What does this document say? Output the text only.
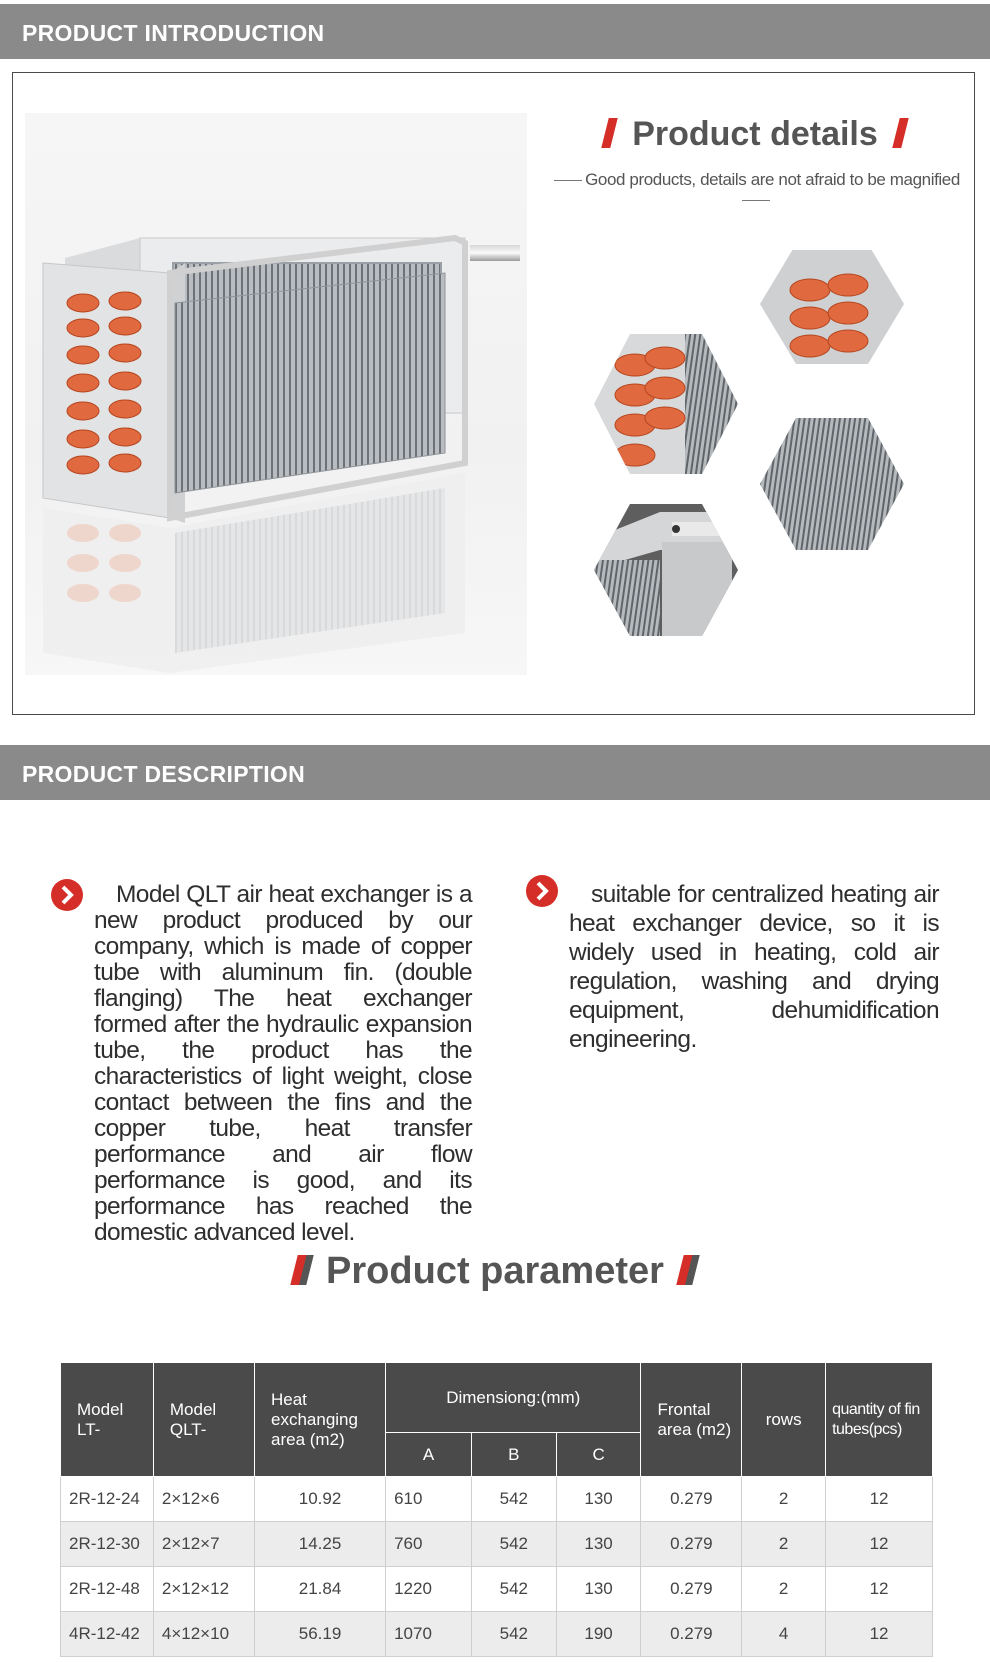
PRODUCT INTRODUCTION
Product details
Good products, details are not afraid to be magnified
PRODUCT DESCRIPTION
Model QLT air heat exchanger is a new product produced by our company, which is made of copper tube with aluminum fin. (double flanging) The heat exchanger formed after the hydraulic expansion tube, the product has the characteristics of light weight, close contact between the fins and the copper tube, heat transfer performance and air flow performance is good, and its performance has reached the domestic advanced level.
suitable for centralized heating air heat exchanger device, so it is widely used in heating, cold air regulation, washing and drying equipment, dehumidification engineering.
Product parameter
Model LT-	Model QLT-	Heat exchanging area (m2)	Dimensiong:(mm)			Frontal area (m2)	rows	quantity of fin tubes(pcs)
			A	B	C			
2R-12-24	2×12×6	10.92	610	542	130	0.279	2	12
2R-12-30	2×12×7	14.25	760	542	130	0.279	2	12
2R-12-48	2×12×12	21.84	1220	542	130	0.279	2	12
4R-12-42	4×12×10	56.19	1070	542	190	0.279	4	12
